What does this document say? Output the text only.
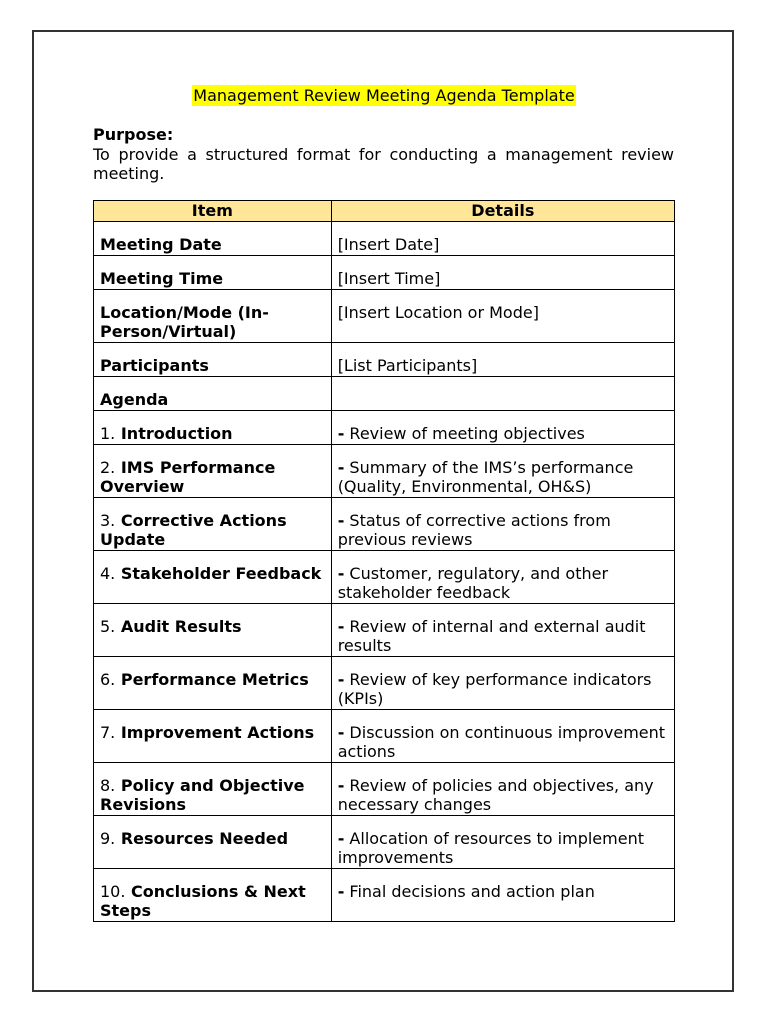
Management Review Meeting Agenda Template
Purpose:
To provide a structured format for conducting a management review meeting.
Item	Details

Meeting Date	[Insert Date]

Meeting Time	[Insert Time]

Location/Mode (In-Person/Virtual)	[Insert Location or Mode]

Participants	[List Participants]

Agenda	

1. Introduction	- Review of meeting objectives

2. IMS Performance Overview	- Summary of the IMS’s performance (Quality, Environmental, OH&S)

3. Corrective Actions Update	- Status of corrective actions from previous reviews

4. Stakeholder Feedback	- Customer, regulatory, and other stakeholder feedback

5. Audit Results	- Review of internal and external audit results

6. Performance Metrics	- Review of key performance indicators (KPIs)

7. Improvement Actions	- Discussion on continuous improvement actions

8. Policy and Objective Revisions	- Review of policies and objectives, any necessary changes

9. Resources Needed	- Allocation of resources to implement improvements

10. Conclusions & Next Steps	- Final decisions and action plan
